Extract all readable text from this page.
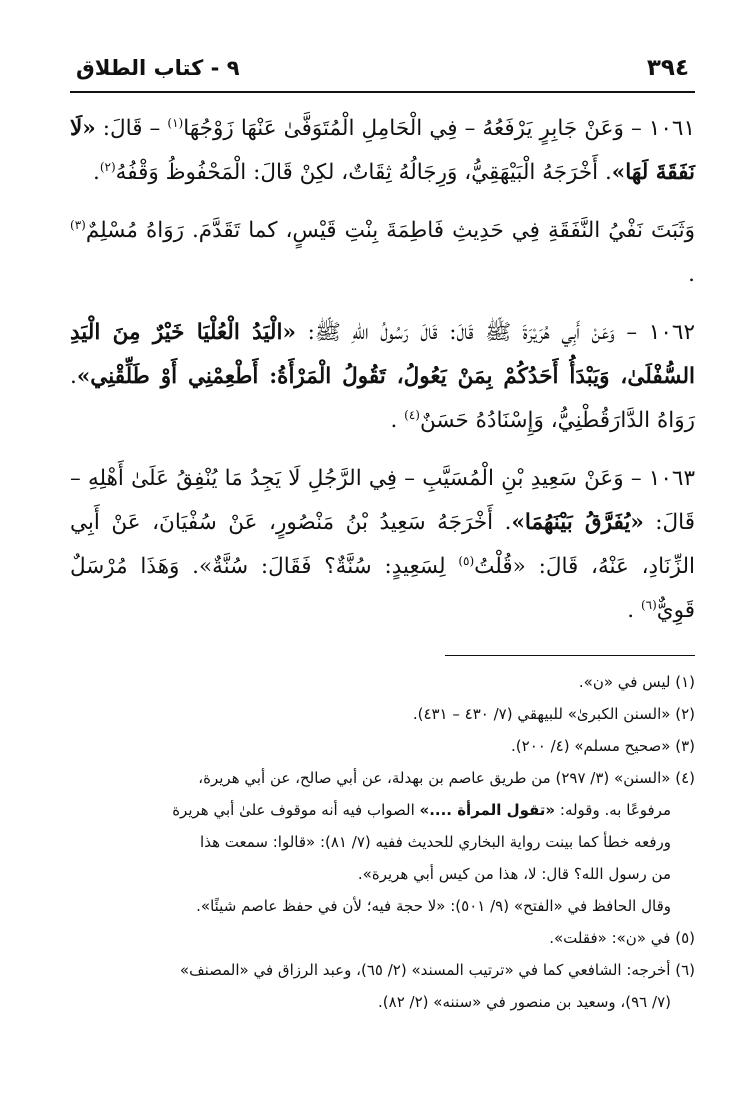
٣٩٤
٩ - كتاب الطلاق

١٠٦١ – وَعَنْ جَابِرٍ يَرْفَعُهُ – فِي الْحَامِلِ الْمُتَوَفَّىٰ عَنْهَا زَوْجُهَا$^{(١)}$ – قَالَ: «لَا نَفَقَةَ لَهَا». أَخْرَجَهُ الْبَيْهَقِيُّ، وَرِجَالُهُ ثِقَاتٌ، لكِنْ قَالَ: الْمَحْفُوظُ وَقْفُهُ$^{(٢)}$.

وَثَبَتَ نَفْيُ النَّفَقَةِ فِي حَدِيثِ فَاطِمَةَ بِنْتِ قَيْسٍ، كما تَقَدَّمَ. رَوَاهُ مُسْلِمٌ$^{(٣)}$ .

١٠٦٢ – وَعَنْ أَبِي هُرَيْرَةَ ﷺ قَالَ: قَالَ رَسُولُ اللّهِ ﷺ: «الْيَدُ الْعُلْيَا خَيْرٌ مِنَ الْيَدِ السُّفْلَىٰ، وَيَبْدَأُ أَحَدُكُمْ بِمَنْ يَعُولُ، تَقُولُ الْمَرْأَةُ: أَطْعِمْنِي أَوْ طَلِّقْنِي». رَوَاهُ الدَّارَقُطْنِيُّ، وَإِسْنَادُهُ حَسَنٌ$^{(٤)}$ .

١٠٦٣ – وَعَنْ سَعِيدِ بْنِ الْمُسَيَّبِ – فِي الرَّجُلِ لَا يَجِدُ مَا يُنْفِقُ عَلَىٰ أَهْلِهِ – قَالَ: «يُفَرَّقُ بَيْنَهُمَا». أَخْرَجَهُ سَعِيدُ بْنُ مَنْصُورٍ، عَنْ سُفْيَانَ، عَنْ أَبِي الزِّنَادِ، عَنْهُ، قَالَ: «قُلْتُ$^{(٥)}$ لِسَعِيدٍ: سُنَّةٌ؟ فَقَالَ: سُنَّةٌ». وَهَذَا مُرْسَلٌ قَوِيٌّ$^{(٦)}$ .

(١) ليس في «ن».

(٢) «السنن الكبرىٰ» للبيهقي (٧/ ٤٣٠ – ٤٣١).

(٣) «صحيح مسلم» (٤/ ٢٠٠).

(٤) «السنن» (٣/ ٢٩٧) من طريق عاصم بن بهدلة، عن أبي صالح، عن أبي هريرة،
مرفوعًا به. وقوله: «تقول المرأة ....» الصواب فيه أنه موقوف علىٰ أبي هريرة
ورفعه خطأ كما بينت رواية البخاري للحديث ففيه (٧/ ٨١): «قالوا: سمعت هذا
من رسول الله؟ قال: لا، هذا من كيس أبي هريرة».
وقال الحافظ في «الفتح» (٩/ ٥٠١): «لا حجة فيه؛ لأن في حفظ عاصم شيئًا».

(٥) في «ن»: «فقلت».

(٦) أخرجه: الشافعي كما في «ترتيب المسند» (٢/ ٦٥)، وعبد الرزاق في «المصنف»
(٧/ ٩٦)، وسعيد بن منصور في «سننه» (٢/ ٨٢).
